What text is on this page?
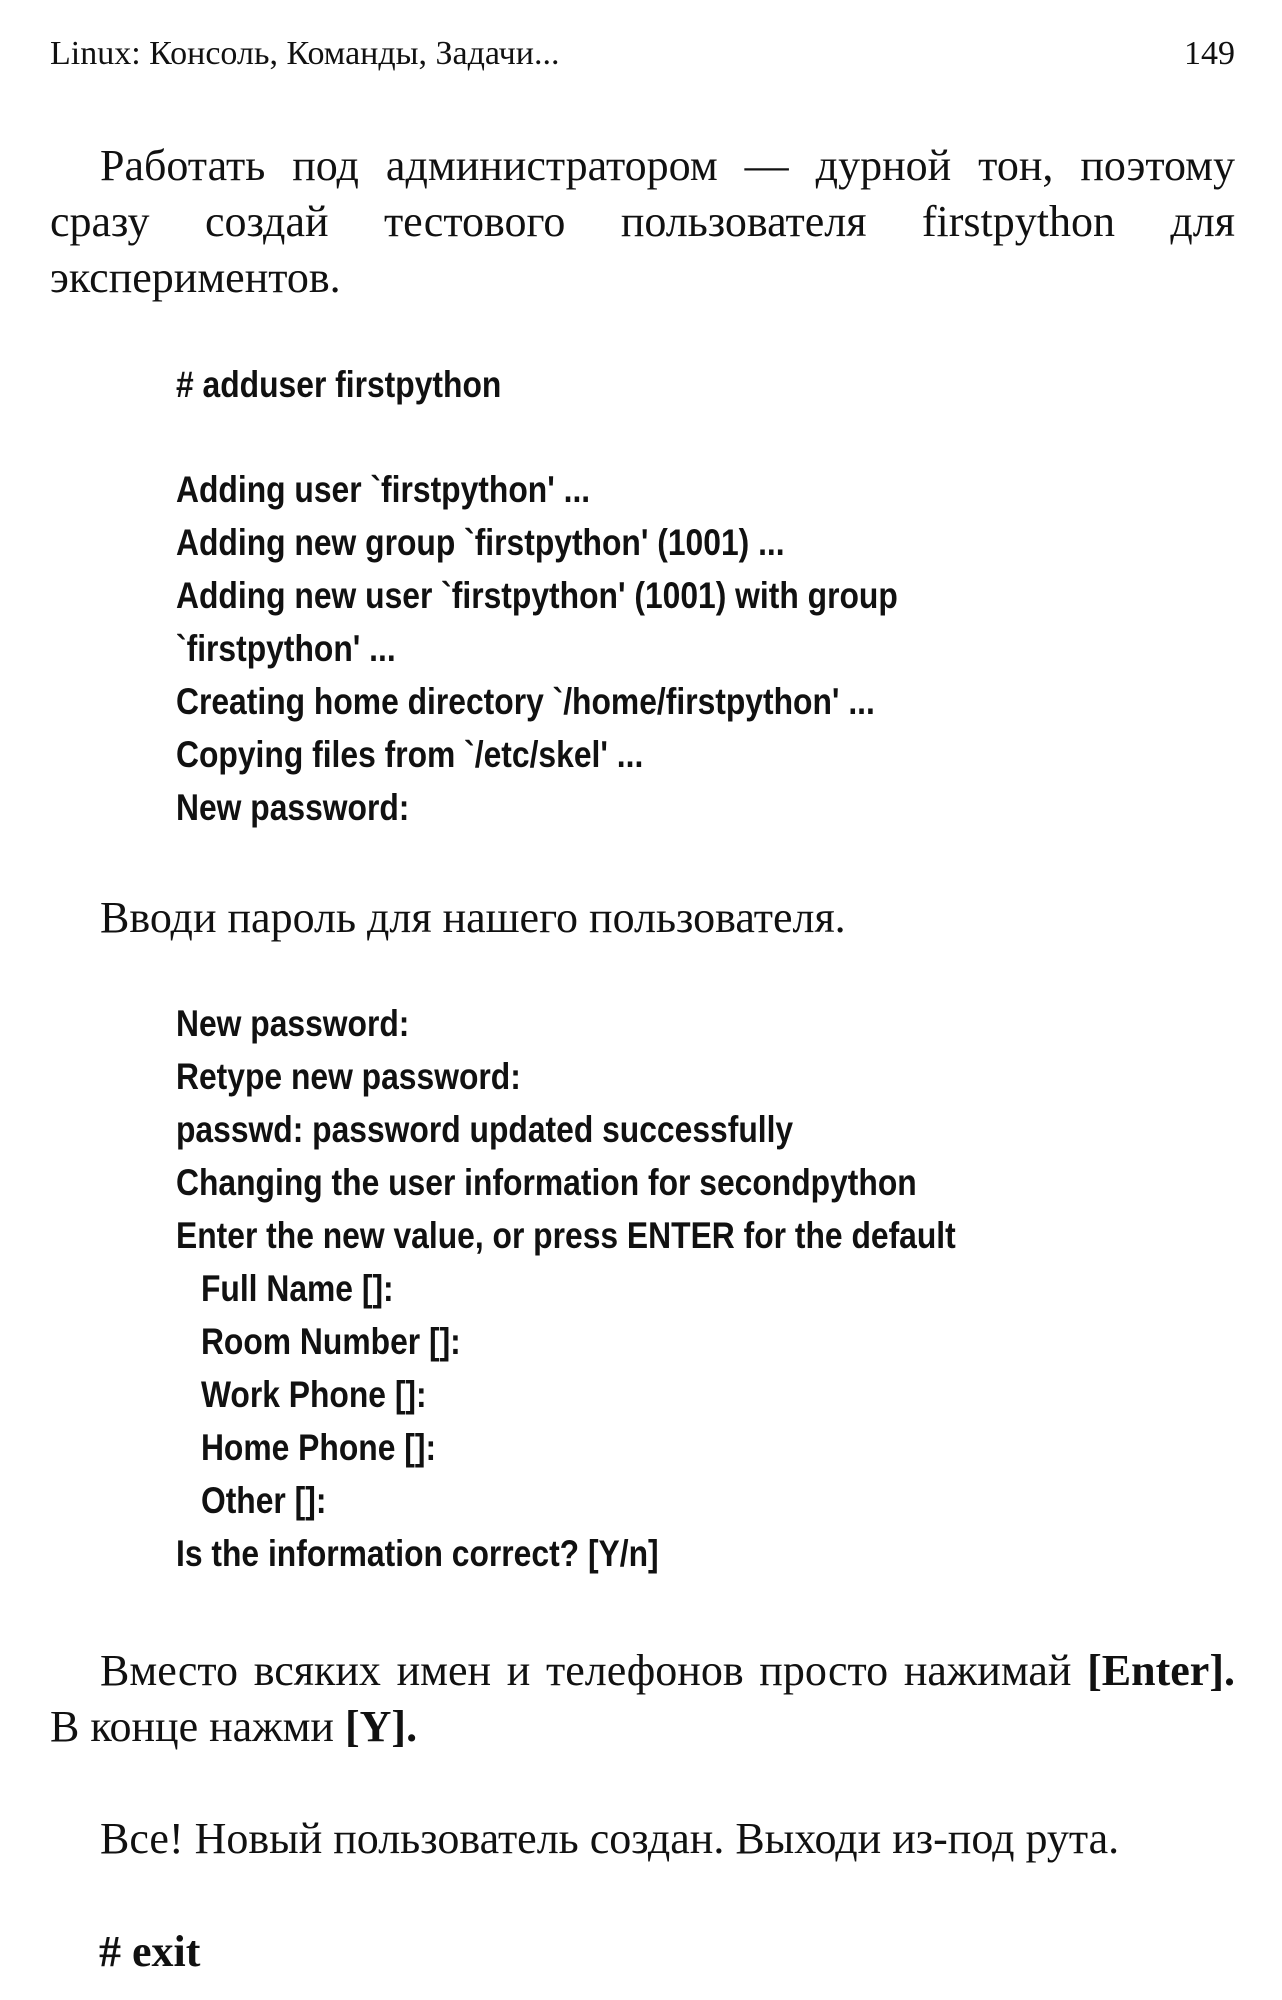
Linux: Консоль, Команды, Задачи...	149

Работать под администратором — дурной тон, поэтому сразу создай тестового пользователя firstpython для экспериментов.

# adduser firstpython
Adding user `firstpython' ...
Adding new group `firstpython' (1001) ...
Adding new user `firstpython' (1001) with group
`firstpython' ...
Creating home directory `/home/firstpython' ...
Copying files from `/etc/skel' ...
New password:

Вводи пароль для нашего пользователя.

New password:
Retype new password:
passwd: password updated successfully
Changing the user information for secondpython
Enter the new value, or press ENTER for the default
Full Name []:
Room Number []:
Work Phone []:
Home Phone []:
Other []:
Is the information correct? [Y/n]

Вместо всяких имен и телефонов просто нажимай [Enter]. В конце нажми [Y].

Все! Новый пользователь создан. Выходи из-под рута.

# exit
